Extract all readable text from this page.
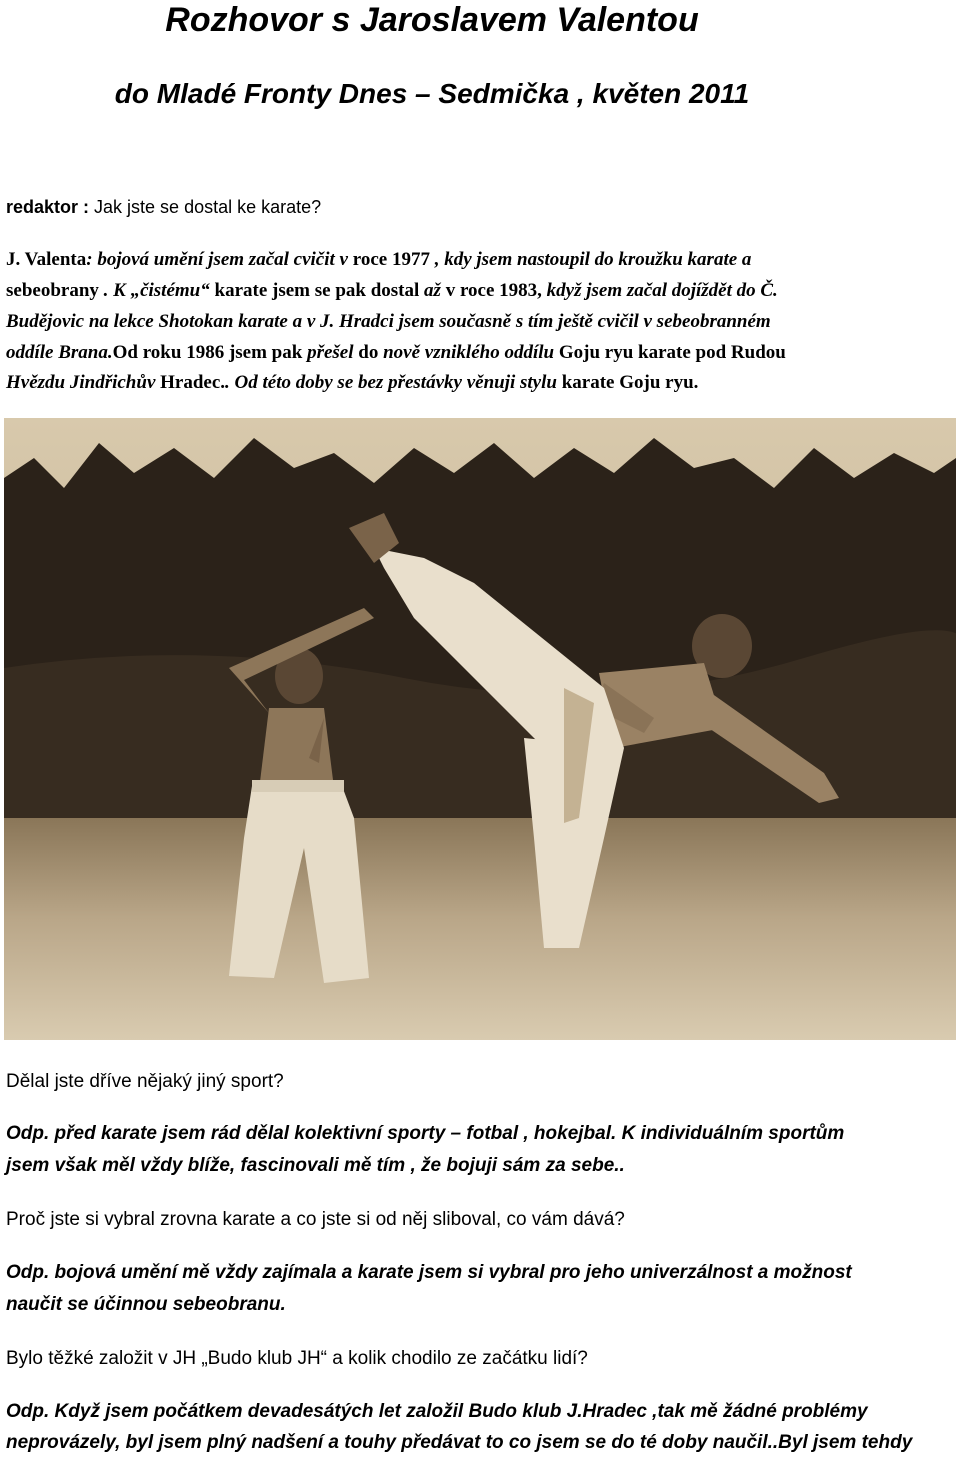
Rozhovor s Jaroslavem Valentou
do Mladé Fronty Dnes – Sedmička , květen 2011

redaktor : Jak jste se dostal ke karate?

J. Valenta: bojová umění jsem začal cvičit v roce 1977 , kdy jsem nastoupil do kroužku karate a

sebeobrany . K „čistému“ karate jsem se pak dostal až v roce 1983, když jsem začal dojíždět do Č.

Budějovic na lekce Shotokan karate a v J. Hradci jsem současně s tím ještě cvičil v sebeobranném

oddíle Brana.Od roku 1986 jsem pak přešel do nově vzniklého oddílu Goju ryu karate pod Rudou

Hvězdu Jindřichův Hradec.. Od této doby se bez přestávky věnuji stylu karate Goju ryu.

Dělal jste dříve nějaký jiný sport?

Odp. před karate jsem rád dělal kolektivní sporty – fotbal , hokejbal. K individuálním sportům

jsem však měl vždy blíže, fascinovali mě tím , že bojuji sám za sebe..

Proč jste si vybral zrovna karate a co jste si od něj sliboval, co vám dává?

Odp. bojová umění mě vždy zajímala a karate jsem si vybral pro jeho univerzálnost a možnost

naučit se účinnou sebeobranu.

Bylo těžké založit v JH „Budo klub JH“ a kolik chodilo ze začátku lidí?

Odp. Když jsem počátkem devadesátých let založil Budo klub J.Hradec ,tak mě žádné problémy

neprovázely, byl jsem plný nadšení a touhy předávat to co jsem se do té doby naučil..Byl jsem tehdy
